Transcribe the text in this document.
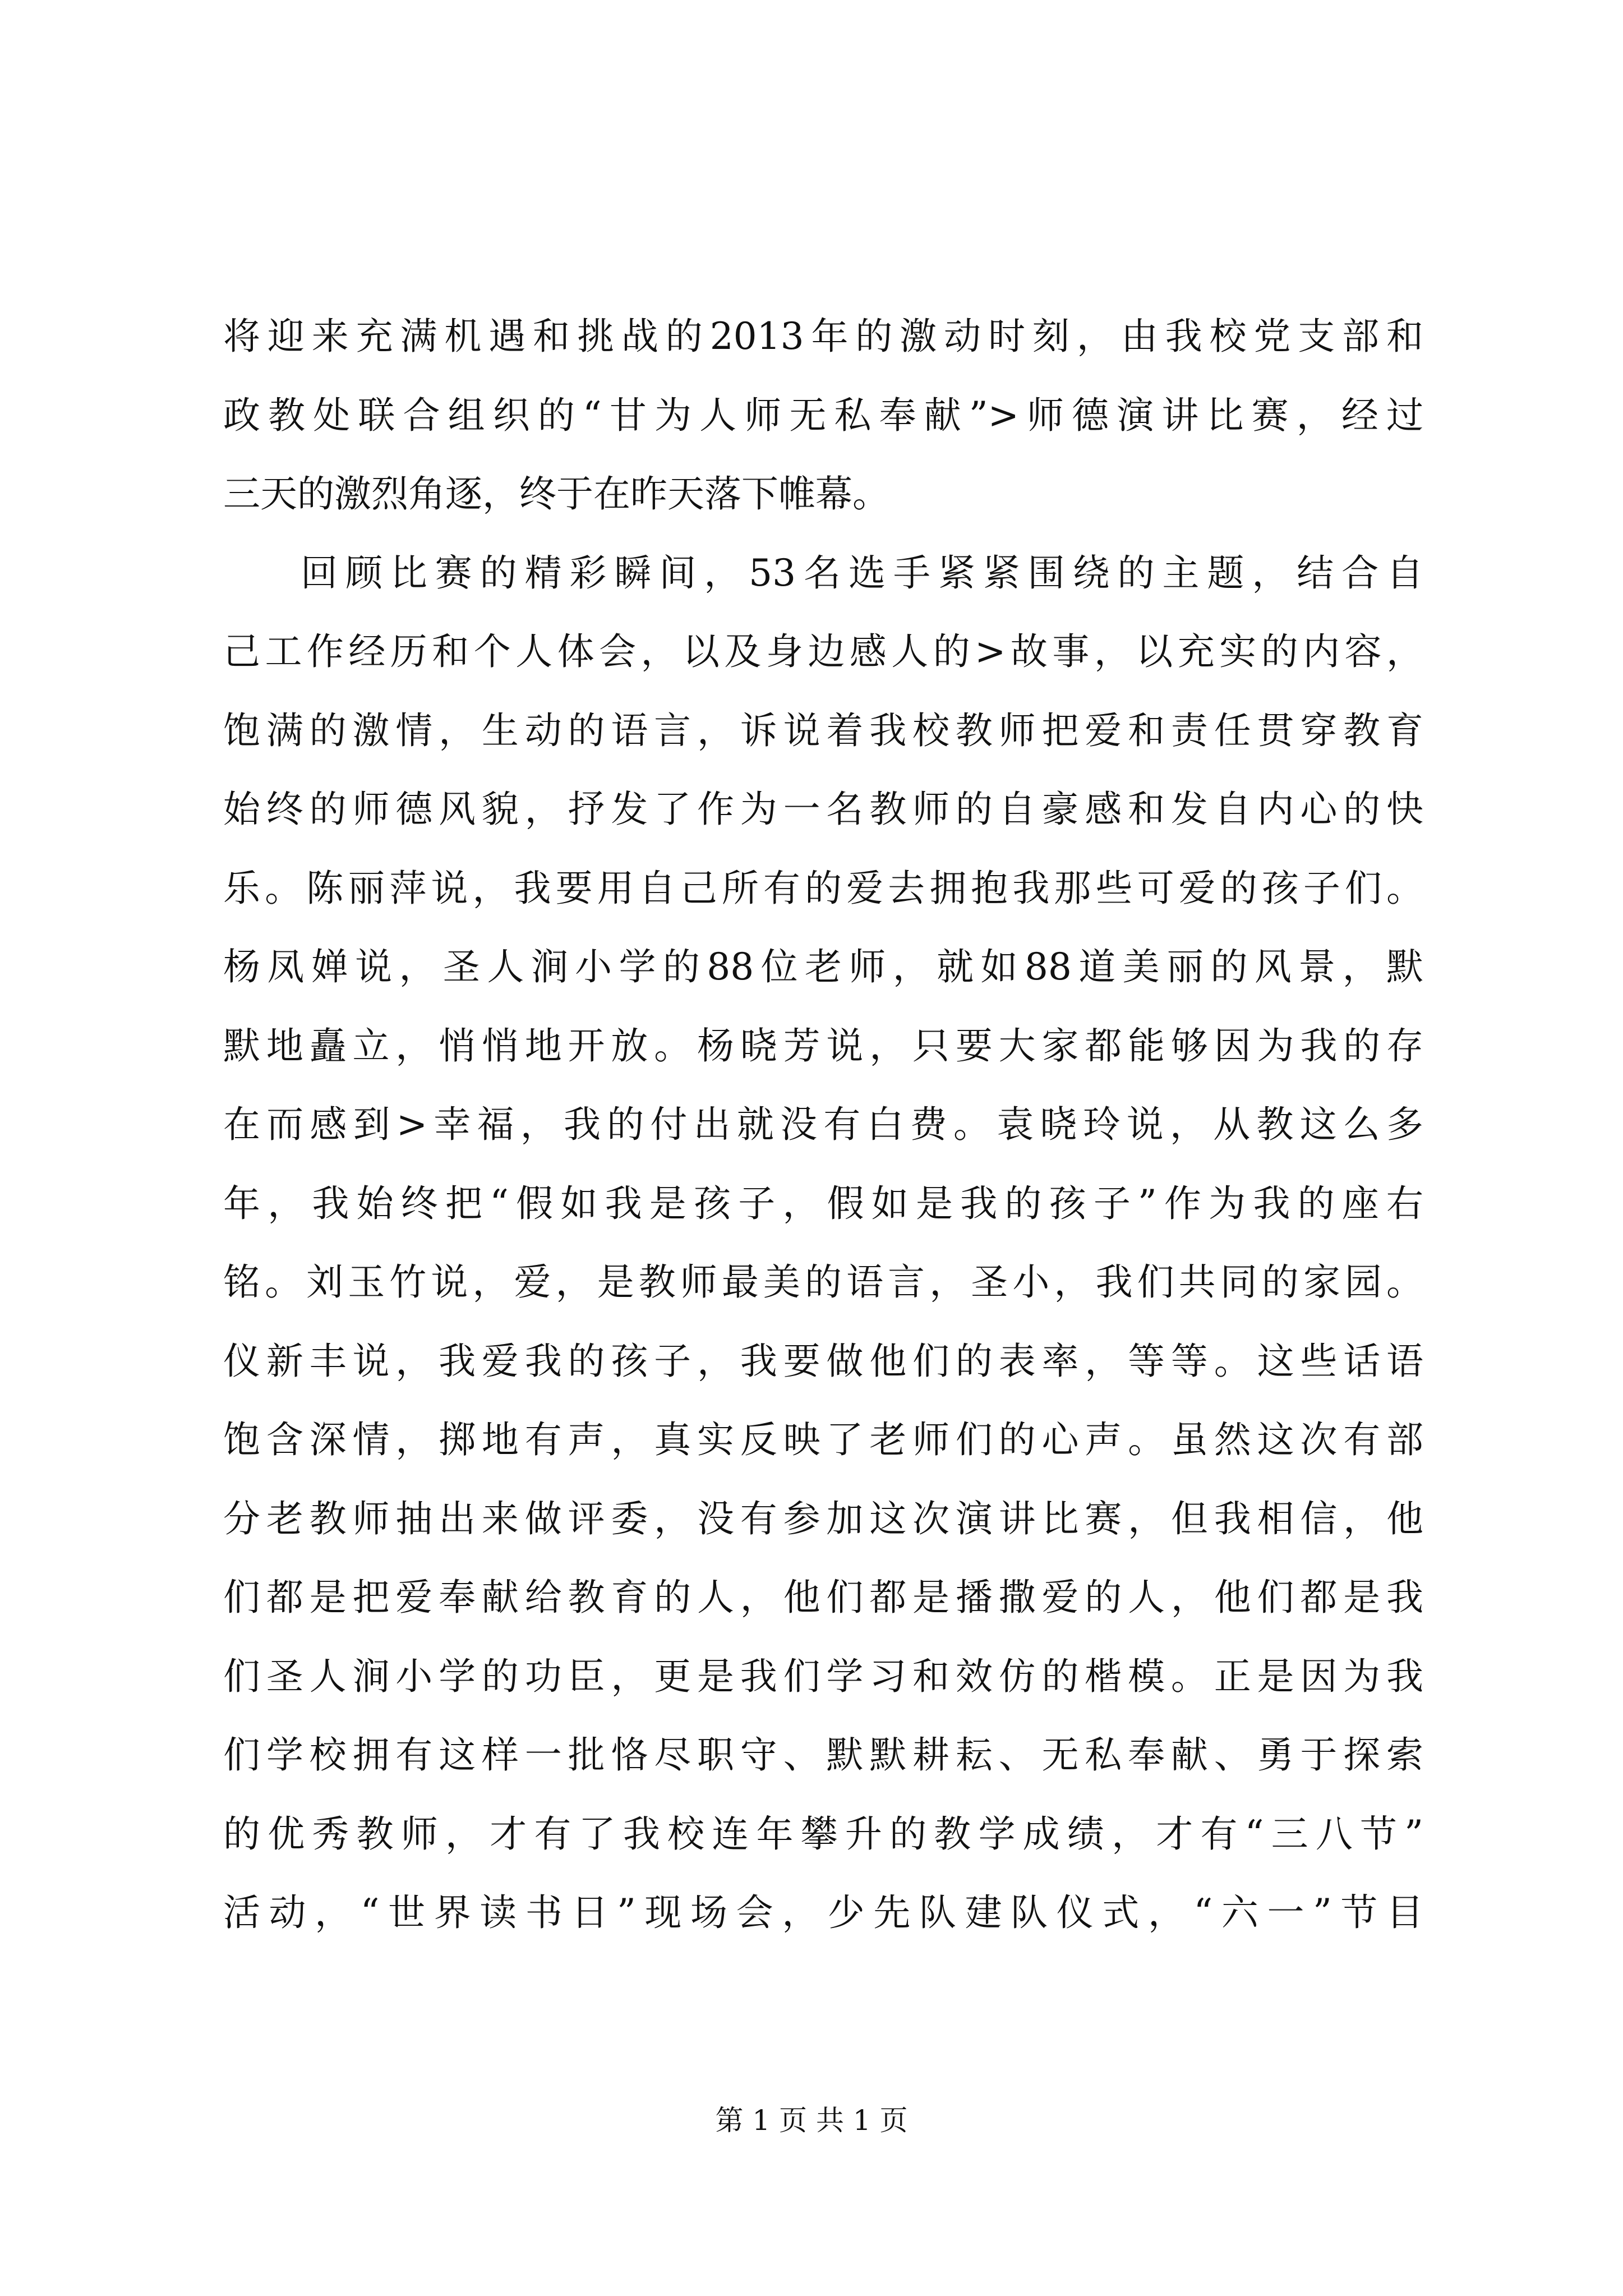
将迎来充满机遇和挑战的2013年的激动时刻，由我校党支部和
政教处联合组织的“甘为人师无私奉献”>师德演讲比赛，经过
三天的激烈角逐，终于在昨天落下帷幕。
回顾比赛的精彩瞬间，53名选手紧紧围绕的主题，结合自
己工作经历和个人体会，以及身边感人的>故事，以充实的内容，
饱满的激情，生动的语言，诉说着我校教师把爱和责任贯穿教育
始终的师德风貌，抒发了作为一名教师的自豪感和发自内心的快
乐。陈丽萍说，我要用自己所有的爱去拥抱我那些可爱的孩子们。
杨凤婵说，圣人涧小学的88位老师，就如88道美丽的风景，默
默地矗立，悄悄地开放。杨晓芳说，只要大家都能够因为我的存
在而感到>幸福，我的付出就没有白费。袁晓玲说，从教这么多
年，我始终把“假如我是孩子，假如是我的孩子”作为我的座右
铭。刘玉竹说，爱，是教师最美的语言，圣小，我们共同的家园。
仪新丰说，我爱我的孩子，我要做他们的表率，等等。这些话语
饱含深情，掷地有声，真实反映了老师们的心声。虽然这次有部
分老教师抽出来做评委，没有参加这次演讲比赛，但我相信，他
们都是把爱奉献给教育的人，他们都是播撒爱的人，他们都是我
们圣人涧小学的功臣，更是我们学习和效仿的楷模。正是因为我
们学校拥有这样一批恪尽职守、默默耕耘、无私奉献、勇于探索
的优秀教师，才有了我校连年攀升的教学成绩，才有“三八节”
活动，“世界读书日”现场会，少先队建队仪式，“六一”节目
第 1 页 共 1 页
